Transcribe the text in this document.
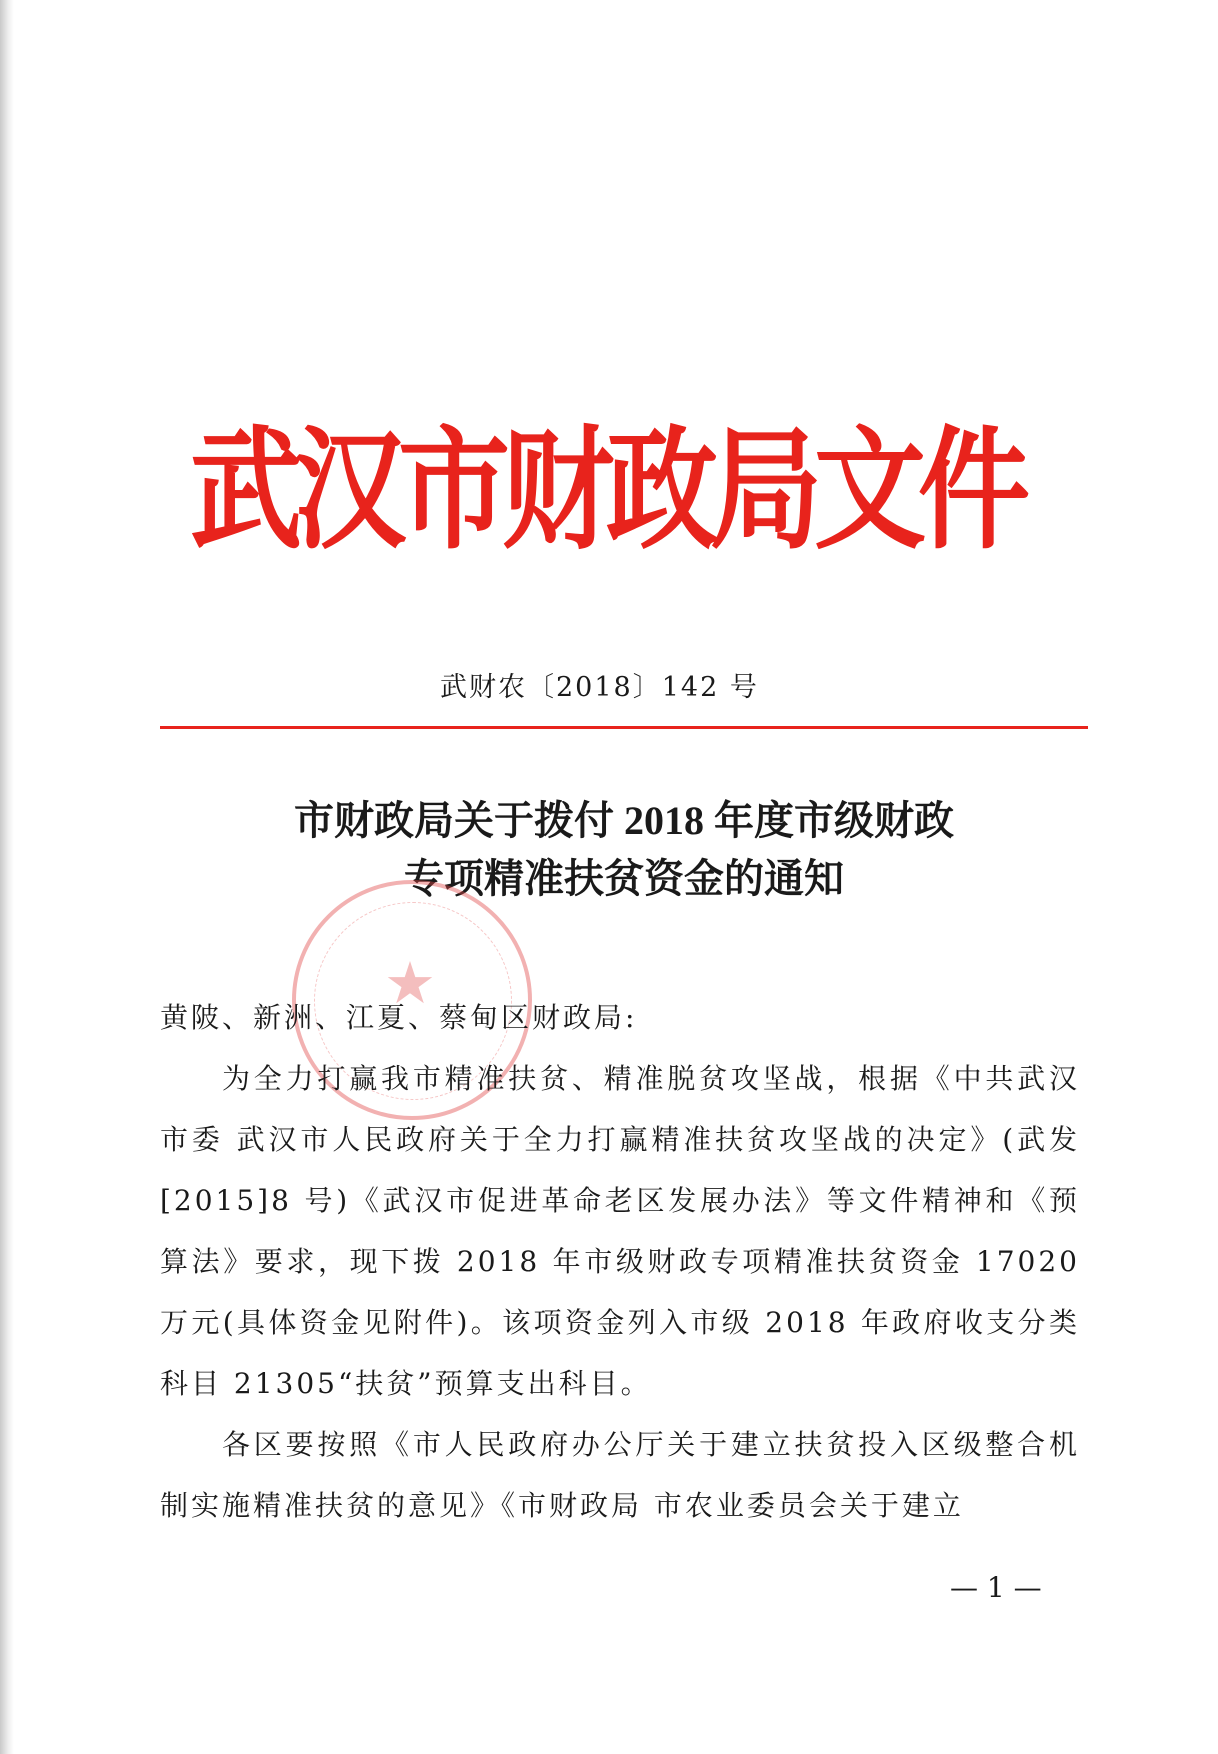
武汉市财政局文件
武财农〔2018〕142 号
市财政局关于拨付 2018 年度市级财政
专项精准扶贫资金的通知
★

黄陂、新洲、江夏、蔡甸区财政局:

为全力打赢我市精准扶贫、精准脱贫攻坚战，根据《中共武汉市委 武汉市人民政府关于全力打赢精准扶贫攻坚战的决定》(武发[2015]8 号)《武汉市促进革命老区发展办法》等文件精神和《预算法》要求，现下拨 2018 年市级财政专项精准扶贫资金 17020 万元(具体资金见附件)。该项资金列入市级 2018 年政府收支分类科目 21305“扶贫”预算支出科目。

各区要按照《市人民政府办公厅关于建立扶贫投入区级整合机制实施精准扶贫的意见》《市财政局 市农业委员会关于建立

— 1 —
